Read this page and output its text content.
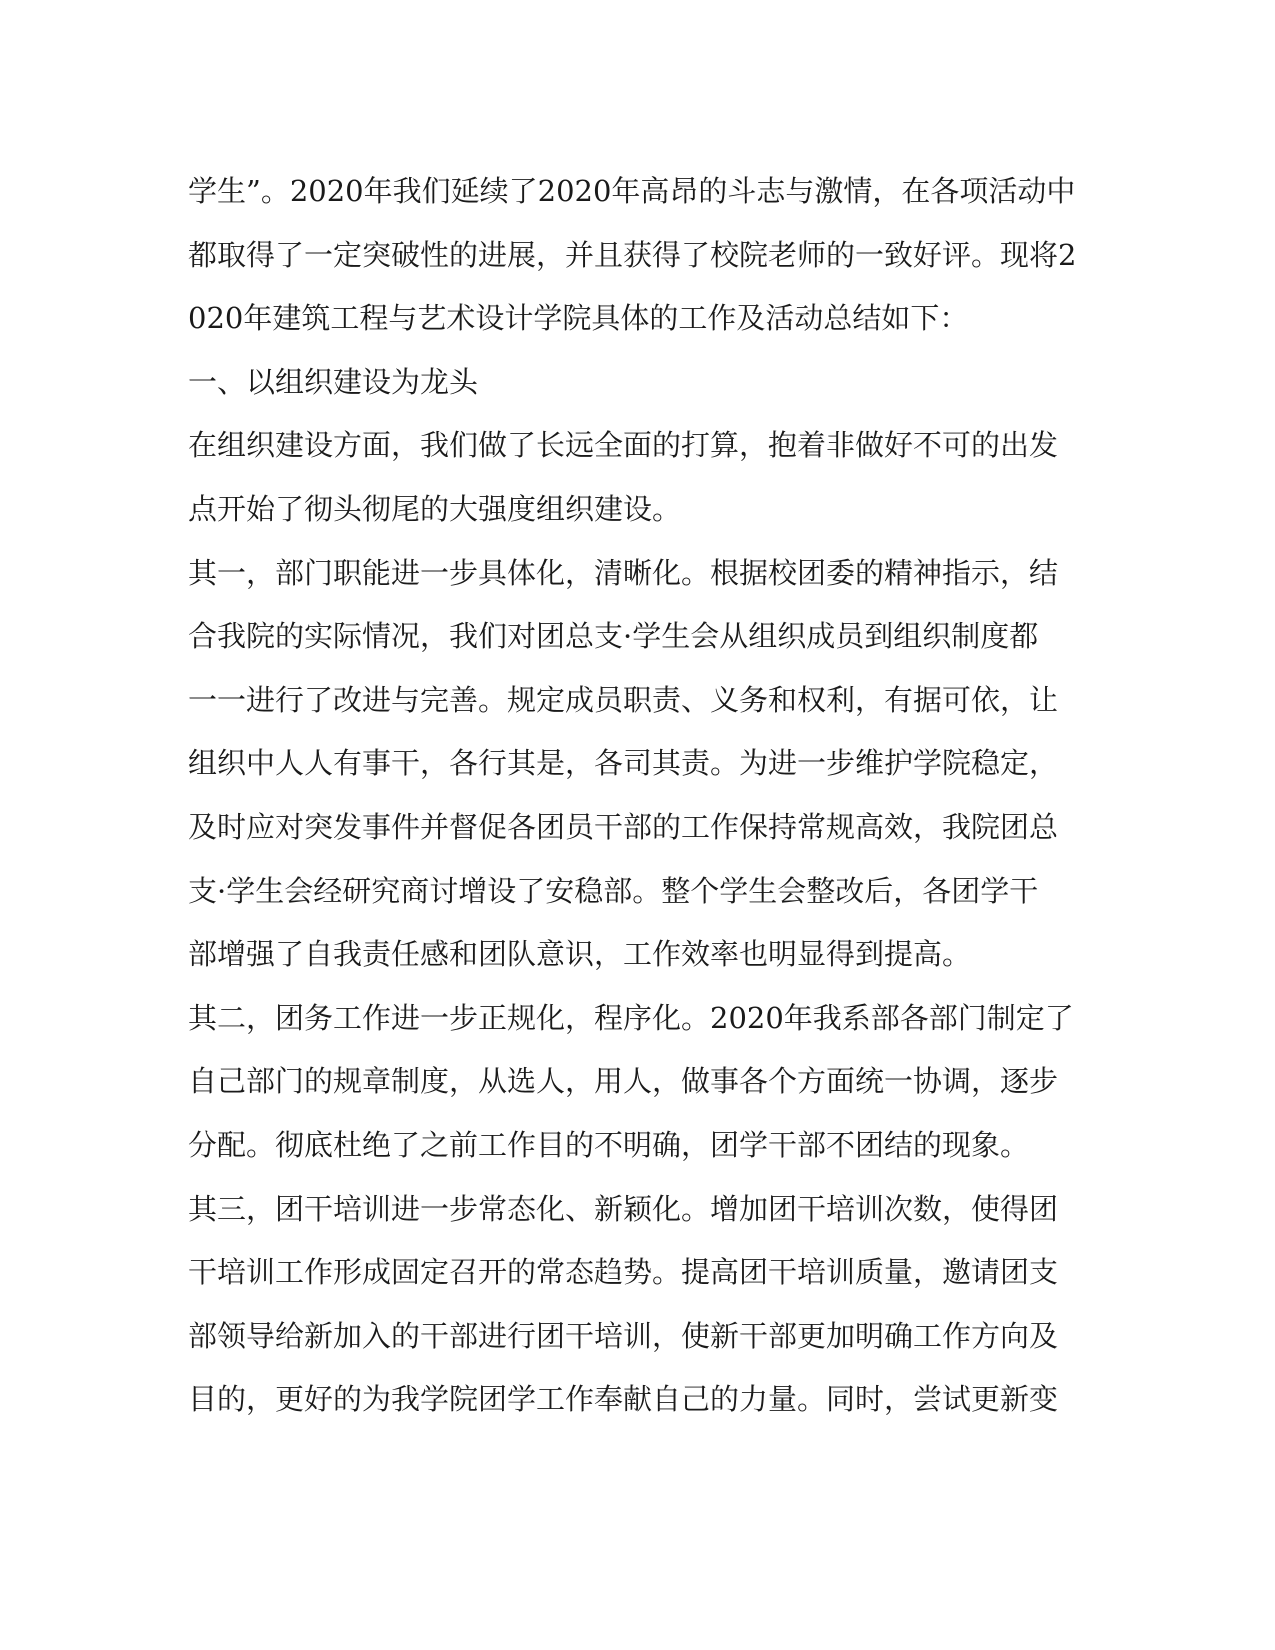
学生”。2020年我们延续了2020年高昂的斗志与激情，在各项活动中
都取得了一定突破性的进展，并且获得了校院老师的一致好评。现将2
020年建筑工程与艺术设计学院具体的工作及活动总结如下：
一、以组织建设为龙头
在组织建设方面，我们做了长远全面的打算，抱着非做好不可的出发
点开始了彻头彻尾的大强度组织建设。
其一，部门职能进一步具体化，清晰化。根据校团委的精神指示，结
合我院的实际情况，我们对团总支·学生会从组织成员到组织制度都
一一进行了改进与完善。规定成员职责、义务和权利，有据可依，让
组织中人人有事干，各行其是，各司其责。为进一步维护学院稳定，
及时应对突发事件并督促各团员干部的工作保持常规高效，我院团总
支·学生会经研究商讨增设了安稳部。整个学生会整改后，各团学干
部增强了自我责任感和团队意识，工作效率也明显得到提高。
其二，团务工作进一步正规化，程序化。2020年我系部各部门制定了
自己部门的规章制度，从选人，用人，做事各个方面统一协调，逐步
分配。彻底杜绝了之前工作目的不明确，团学干部不团结的现象。
其三，团干培训进一步常态化、新颖化。增加团干培训次数，使得团
干培训工作形成固定召开的常态趋势。提高团干培训质量，邀请团支
部领导给新加入的干部进行团干培训，使新干部更加明确工作方向及
目的，更好的为我学院团学工作奉献自己的力量。同时，尝试更新变
